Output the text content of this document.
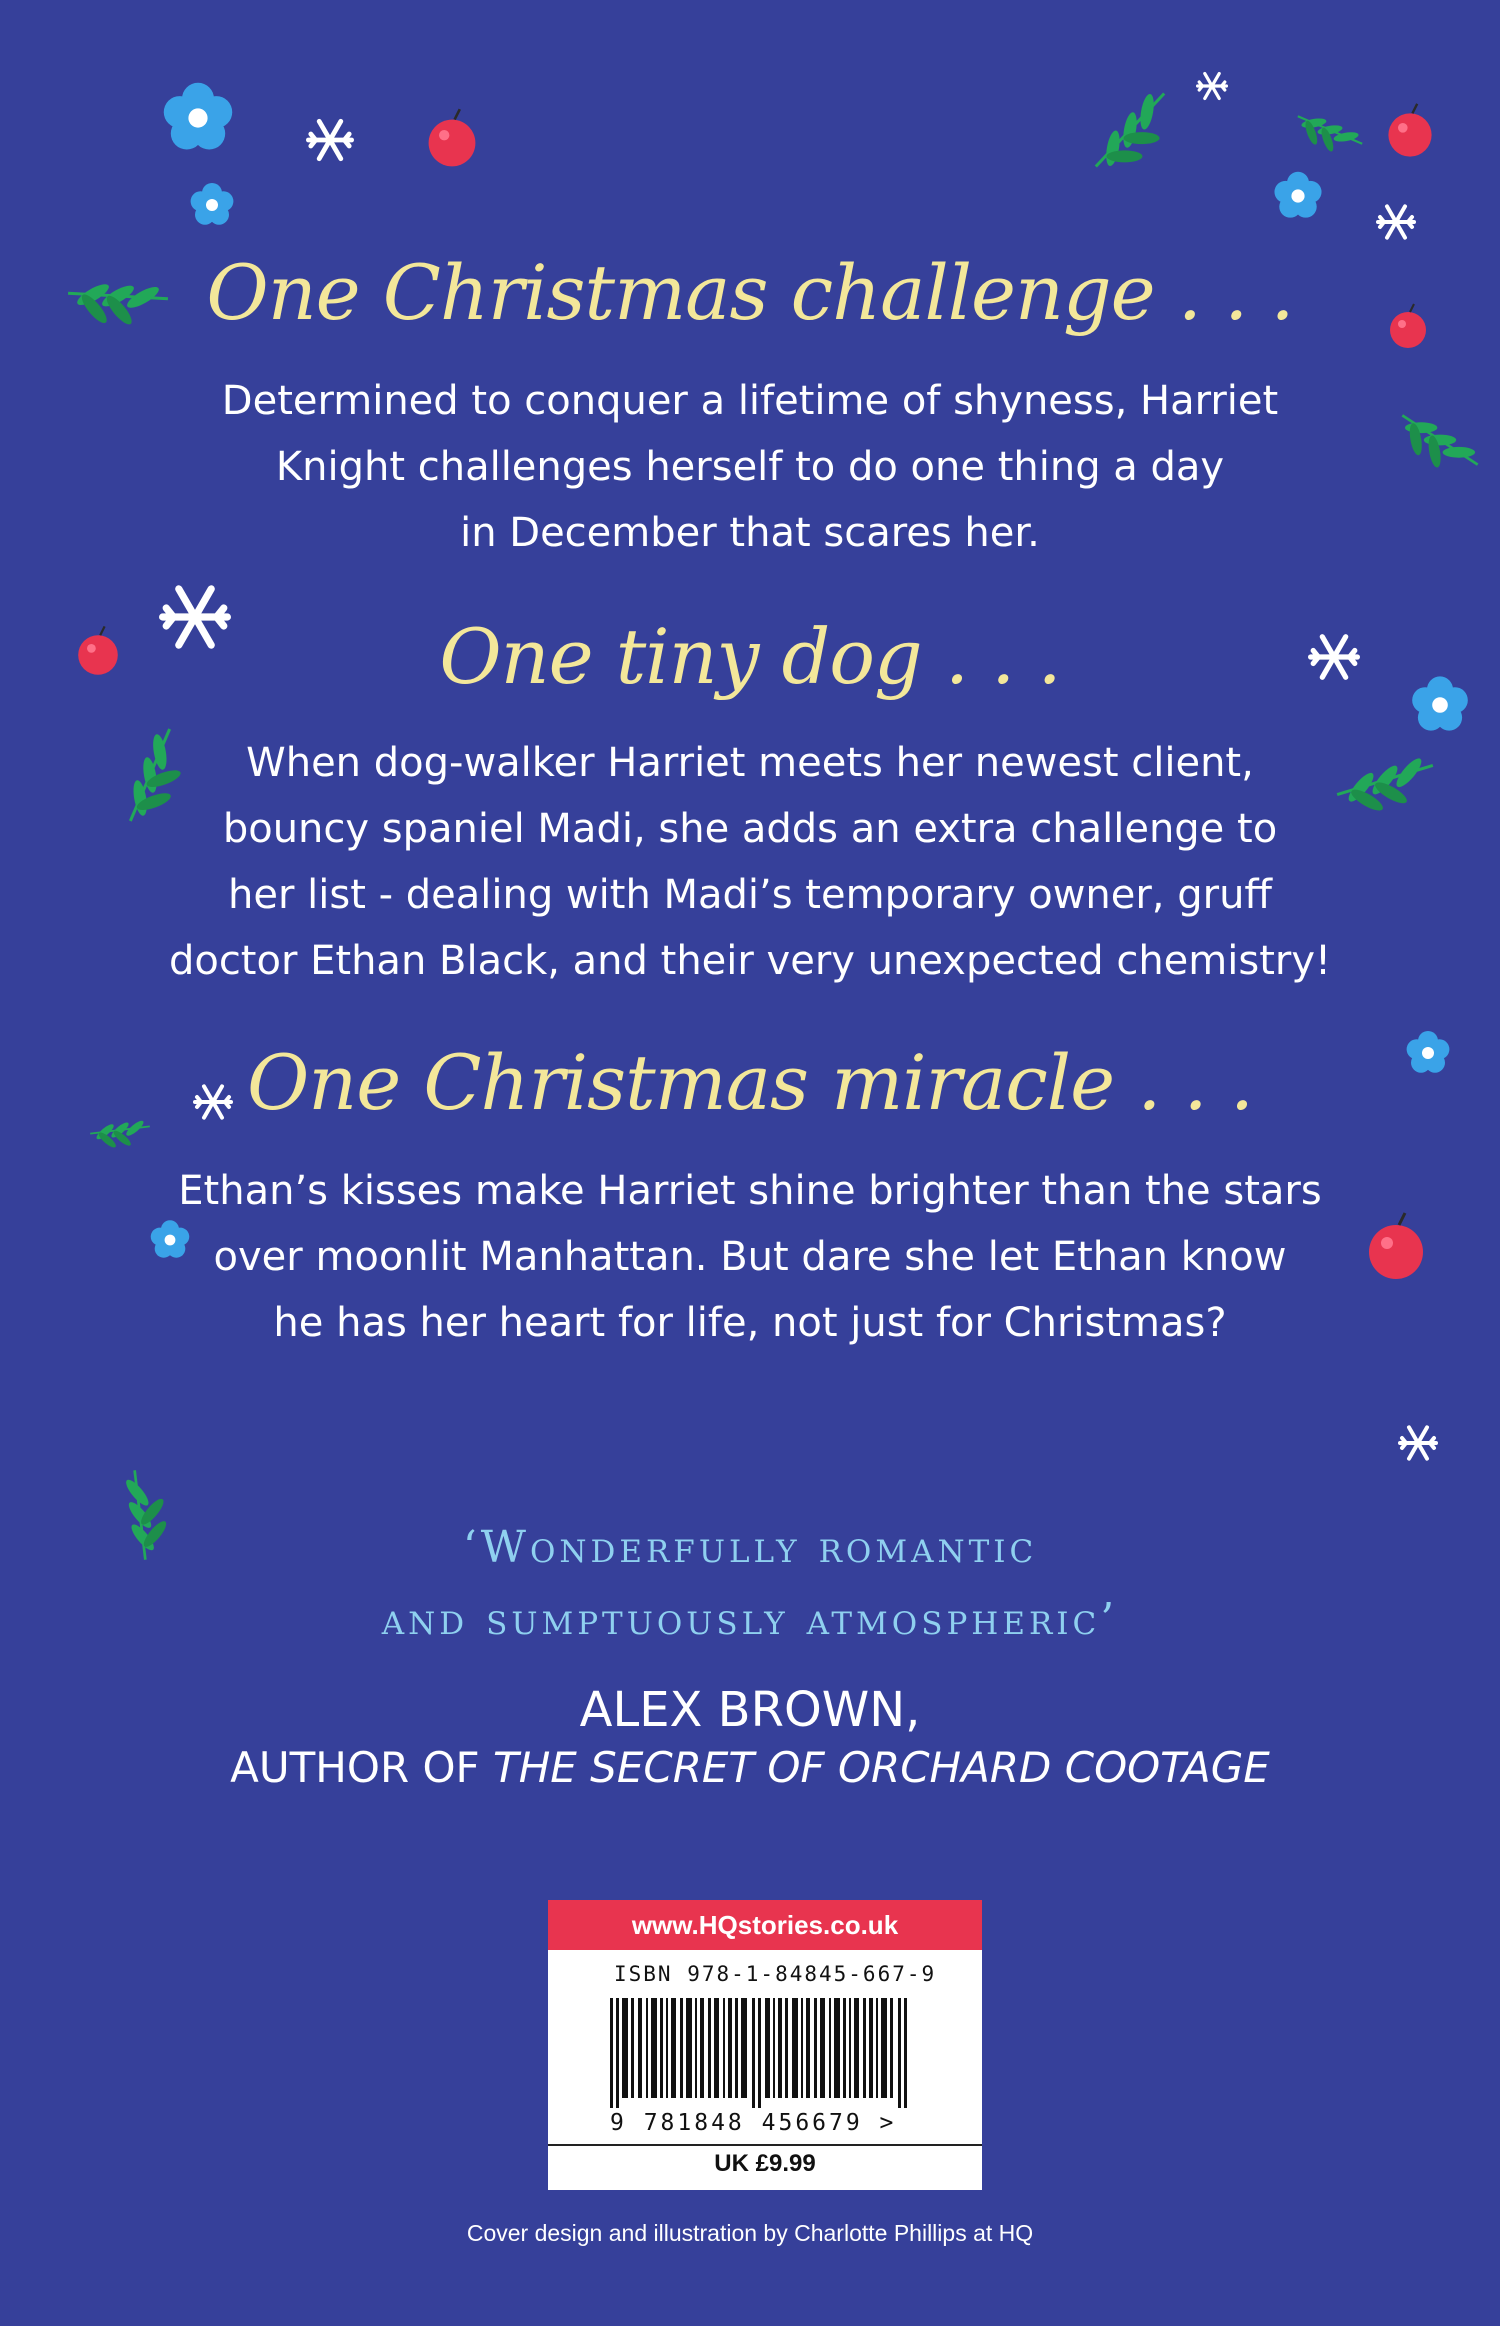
One Christmas challenge . . .
Determined to conquer a lifetime of shyness, Harriet
Knight challenges herself to do one thing a day
in December that scares her.
One tiny dog . . .
When dog-walker Harriet meets her newest client,
bouncy spaniel Madi, she adds an extra challenge to
her list - dealing with Madi’s temporary owner, gruff
doctor Ethan Black, and their very unexpected chemistry!
One Christmas miracle . . .
Ethan’s kisses make Harriet shine brighter than the stars
over moonlit Manhattan. But dare she let Ethan know
he has her heart for life, not just for Christmas?
‘Wonderfully romantic
and sumptuously atmospheric’
ALEX BROWN,
AUTHOR OF THE SECRET OF ORCHARD COOTAGE
www.HQstories.co.uk
ISBN 978-1-84845-667-9
9 781848 456679 >
UK £9.99
Cover design and illustration by Charlotte Phillips at HQ
